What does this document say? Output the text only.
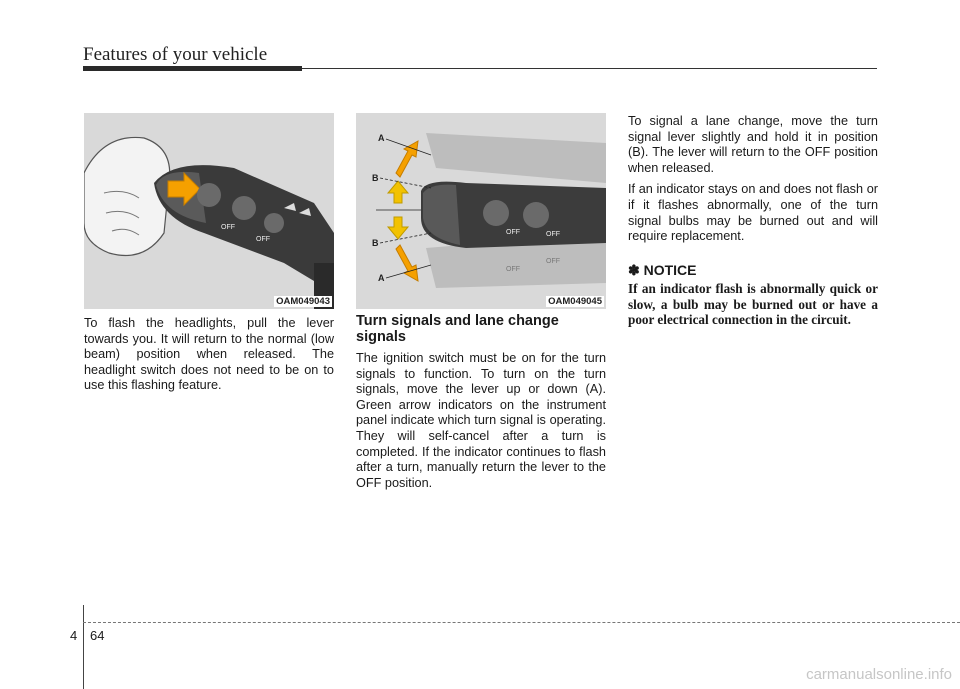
Features of your vehicle
OFF
OFF
OAM049043
OFF	OFF
OFF
OFF
A
B
B
A
OAM049045

To flash the headlights, pull the lever towards you. It will return to the normal (low beam) position when released. The headlight switch does not need to be on to use this flashing feature.

Turn signals and lane change signals

The ignition switch must be on for the turn signals to function. To turn on the turn signals, move the lever up or down (A). Green arrow indicators on the instrument panel indicate which turn signal is operating. They will self-cancel after a turn is completed. If the indicator continues to flash after a turn, manually return the lever to the OFF position.

To signal a lane change, move the turn signal lever slightly and hold it in position (B). The lever will return to the OFF position when released.

If an indicator stays on and does not flash or if it flashes abnormally, one of the turn signal bulbs may be burned out and will require replacement.

✽ NOTICE

If an indicator flash is abnormally quick or slow, a bulb may be burned out or have a poor electrical connection in the circuit.

4 64
carmanualsonline.info
